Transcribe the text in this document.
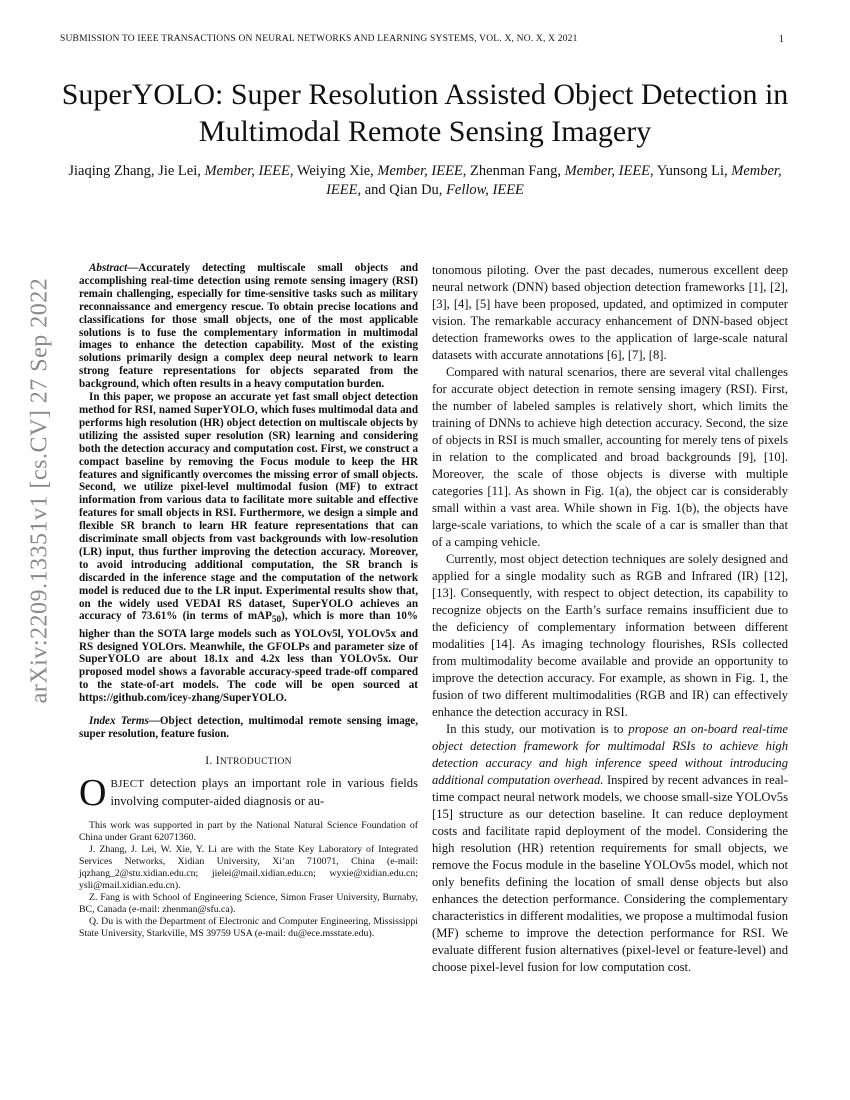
SUBMISSION TO IEEE TRANSACTIONS ON NEURAL NETWORKS AND LEARNING SYSTEMS, VOL. X, NO. X, X 2021	1
SuperYOLO: Super Resolution Assisted Object Detection in Multimodal Remote Sensing Imagery
Jiaqing Zhang, Jie Lei, Member, IEEE, Weiying Xie, Member, IEEE, Zhenman Fang, Member, IEEE, Yunsong Li, Member, IEEE, and Qian Du, Fellow, IEEE
arXiv:2209.13351v1 [cs.CV] 27 Sep 2022

Abstract—Accurately detecting multiscale small objects and accomplishing real-time detection using remote sensing imagery (RSI) remain challenging, especially for time-sensitive tasks such as military reconnaissance and emergency rescue. To obtain precise locations and classifications for those small objects, one of the most applicable solutions is to fuse the complementary information in multimodal images to enhance the detection capability. Most of the existing solutions primarily design a complex deep neural network to learn strong feature representations for objects separated from the background, which often results in a heavy computation burden.

In this paper, we propose an accurate yet fast small object detection method for RSI, named SuperYOLO, which fuses multimodal data and performs high resolution (HR) object detection on multiscale objects by utilizing the assisted super resolution (SR) learning and considering both the detection accuracy and computation cost. First, we construct a compact baseline by removing the Focus module to keep the HR features and significantly overcomes the missing error of small objects. Second, we utilize pixel-level multimodal fusion (MF) to extract information from various data to facilitate more suitable and effective features for small objects in RSI. Furthermore, we design a simple and flexible SR branch to learn HR feature representations that can discriminate small objects from vast backgrounds with low-resolution (LR) input, thus further improving the detection accuracy. Moreover, to avoid introducing additional computation, the SR branch is discarded in the inference stage and the computation of the network model is reduced due to the LR input. Experimental results show that, on the widely used VEDAI RS dataset, SuperYOLO achieves an accuracy of 73.61% (in terms of mAP$_{50}$), which is more than 10% higher than the SOTA large models such as YOLOv5l, YOLOv5x and RS designed YOLOrs. Meanwhile, the GFOLPs and parameter size of SuperYOLO are about 18.1x and 4.2x less than YOLOv5x. Our proposed model shows a favorable accuracy-speed trade-off compared to the state-of-art models. The code will be open sourced at https://github.com/icey-zhang/SuperYOLO.

Index Terms—Object detection, multimodal remote sensing image, super resolution, feature fusion.
I. INTRODUCTION

OBJECT detection plays an important role in various fields involving computer-aided diagnosis or au-

This work was supported in part by the National Natural Science Foundation of China under Grant 62071360.

J. Zhang, J. Lei, W. Xie, Y. Li are with the State Key Laboratory of Integrated Services Networks, Xidian University, Xi’an 710071, China (e-mail: jqzhang_2@stu.xidian.edu.cn; jielei@mail.xidian.edu.cn; wyxie@xidian.edu.cn; ysli@mail.xidian.edu.cn).

Z. Fang is with School of Engineering Science, Simon Fraser University, Burnaby, BC, Canada (e-mail: zhenman@sfu.ca).

Q. Du is with the Department of Electronic and Computer Engineering, Mississippi State University, Starkville, MS 39759 USA (e-mail: du@ece.msstate.edu).

tonomous piloting. Over the past decades, numerous excellent deep neural network (DNN) based objection detection frameworks [1], [2], [3], [4], [5] have been proposed, updated, and optimized in computer vision. The remarkable accuracy enhancement of DNN-based object detection frameworks owes to the application of large-scale natural datasets with accurate annotations [6], [7], [8].

Compared with natural scenarios, there are several vital challenges for accurate object detection in remote sensing imagery (RSI). First, the number of labeled samples is relatively short, which limits the training of DNNs to achieve high detection accuracy. Second, the size of objects in RSI is much smaller, accounting for merely tens of pixels in relation to the complicated and broad backgrounds [9], [10]. Moreover, the scale of those objects is diverse with multiple categories [11]. As shown in Fig. 1(a), the object car is considerably small within a vast area. While shown in Fig. 1(b), the objects have large-scale variations, to which the scale of a car is smaller than that of a camping vehicle.

Currently, most object detection techniques are solely designed and applied for a single modality such as RGB and Infrared (IR) [12], [13]. Consequently, with respect to object detection, its capability to recognize objects on the Earth’s surface remains insufficient due to the deficiency of complementary information between different modalities [14]. As imaging technology flourishes, RSIs collected from multimodality become available and provide an opportunity to improve the detection accuracy. For example, as shown in Fig. 1, the fusion of two different multimodalities (RGB and IR) can effectively enhance the detection accuracy in RSI.

In this study, our motivation is to propose an on-board real-time object detection framework for multimodal RSIs to achieve high detection accuracy and high inference speed without introducing additional computation overhead. Inspired by recent advances in real-time compact neural network models, we choose small-size YOLOv5s [15] structure as our detection baseline. It can reduce deployment costs and facilitate rapid deployment of the model. Considering the high resolution (HR) retention requirements for small objects, we remove the Focus module in the baseline YOLOv5s model, which not only benefits defining the location of small dense objects but also enhances the detection performance. Considering the complementary characteristics in different modalities, we propose a multimodal fusion (MF) scheme to improve the detection performance for RSI. We evaluate different fusion alternatives (pixel-level or feature-level) and choose pixel-level fusion for low computation cost.
